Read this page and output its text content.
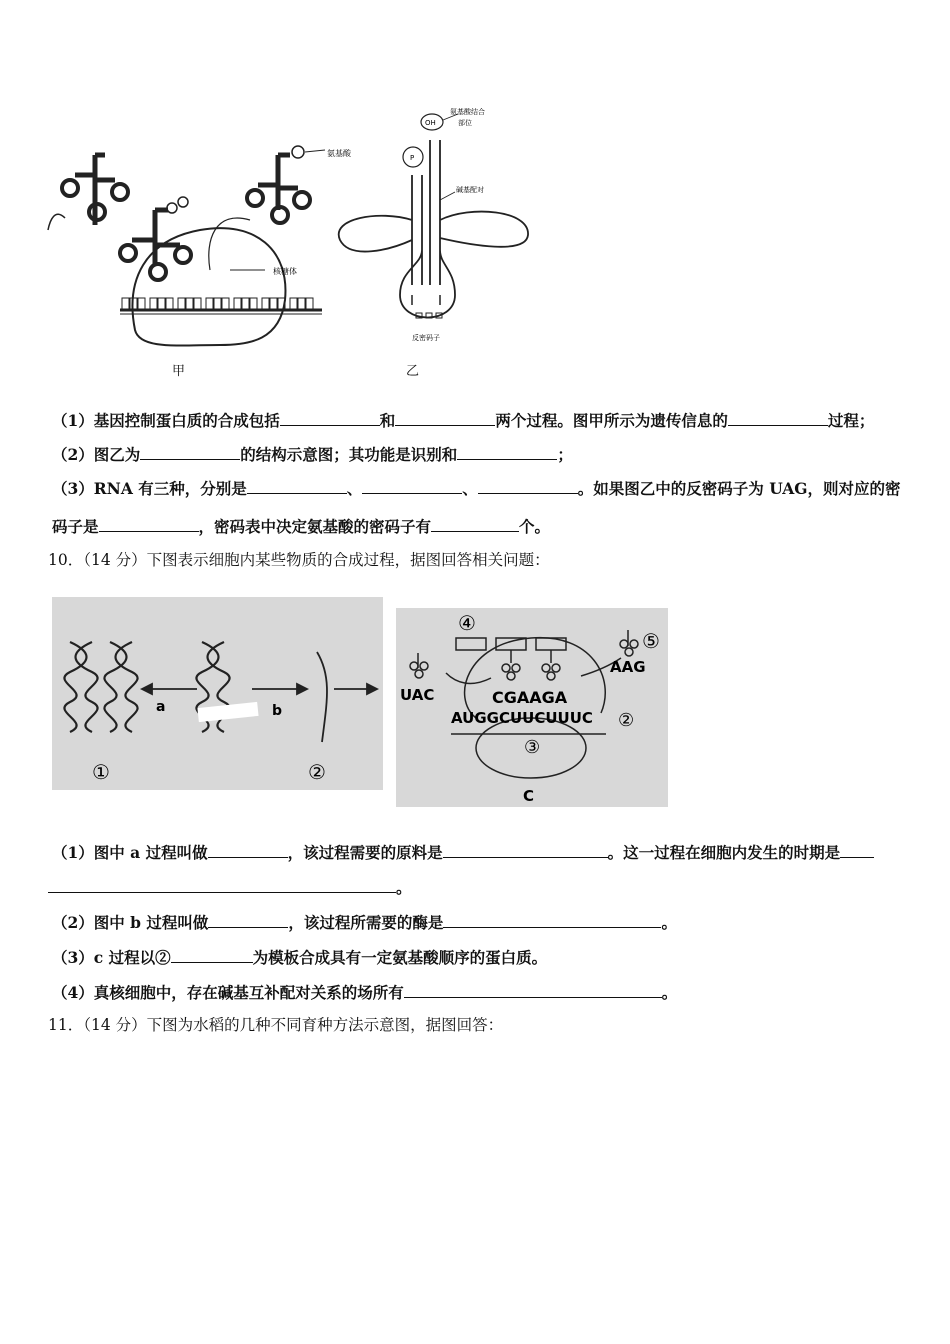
氨基酸
核糖体
氨基酸结合
部位
OH
P
碱基配对
反密码子
甲	乙
（1）基因控制蛋白质的合成包括	和	两个过程。图甲所示为遗传信息的	过程；
（2）图乙为	的结构示意图；其功能是识别和	；
（3）RNA 有三种，分别是	、	、	。如果图乙中的反密码子为 UAG，则对应的密
码子是	，密码表中决定氨基酸的密码子有	个。
10．（14 分）下图表示细胞内某些物质的合成过程，据图回答相关问题：
a	b
①	②
④
⑤
UAC
AAG
CGAAGA
AUGGCUUCUUUC ②
③
C
（1）图中 a 过程叫做	，该过程需要的原料是	。这一过程在细胞内发生的时期是
。
（2）图中 b 过程叫做	，该过程所需要的酶是	。
（3）c 过程以②	为模板合成具有一定氨基酸顺序的蛋白质。
（4）真核细胞中，存在碱基互补配对关系的场所有	。
11．（14 分）下图为水稻的几种不同育种方法示意图，据图回答：
